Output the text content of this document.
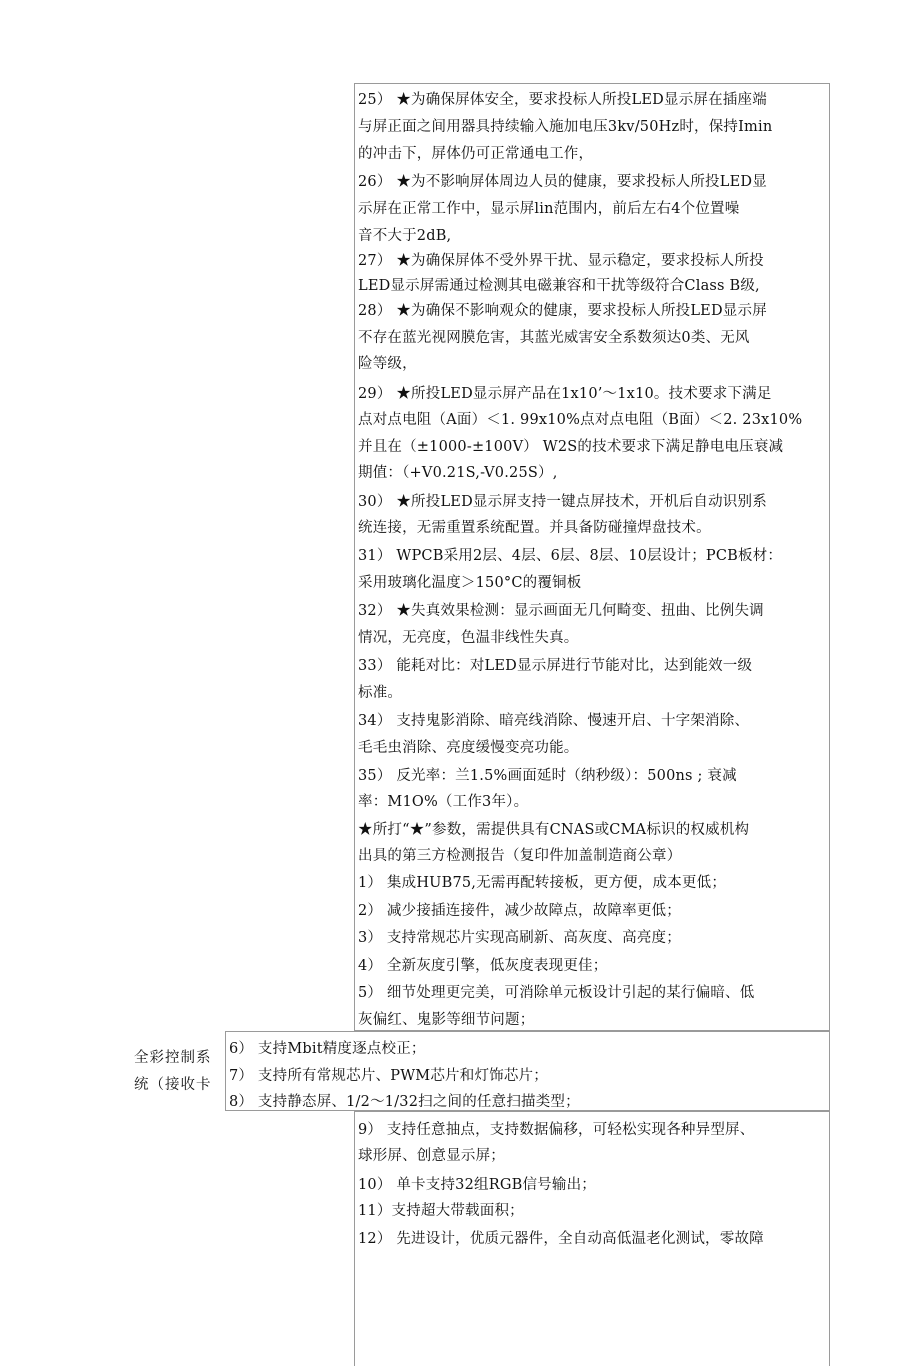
全彩控制系
统（接收卡
25） ★为确保屏体安全，要求投标人所投LED显示屏在插座端
与屏正面之间用器具持续输入施加电压3kv/50Hz时，保持Imin
的冲击下，屏体仍可正常通电工作，
26） ★为不影响屏体周边人员的健康，要求投标人所投LED显
示屏在正常工作中，显示屏lin范围内，前后左右4个位置噪
音不大于2dB,
27） ★为确保屏体不受外界干扰、显示稳定，要求投标人所投
LED显示屏需通过检测其电磁兼容和干扰等级符合Class B级,
28） ★为确保不影响观众的健康，要求投标人所投LED显示屏
不存在蓝光视网膜危害，其蓝光威害安全系数须达0类、无风
险等级，
29） ★所投LED显示屏产品在1x10’～1x10。技术要求下满足
点对点电阻（A面）＜1. 99x10%点对点电阻（B面）＜2. 23x10%
并且在（±1000-±100V） W2S的技术要求下满足静电电压衰减
期值：（+V0.21S,-V0.25S）,
30） ★所投LED显示屏支持一键点屏技术，开机后自动识别系
统连接，无需重置系统配置。并具备防碰撞焊盘技术。
31） WPCB采用2层、4层、6层、8层、10层设计；PCB板材：
采用玻璃化温度＞150°C的覆铜板
32） ★失真效果检测：显示画面无几何畸变、扭曲、比例失调
情况，无亮度，色温非线性失真。
33） 能耗对比：对LED显示屏进行节能对比，达到能效一级
标准。
34） 支持鬼影消除、暗亮线消除、慢速开启、十字架消除、
毛毛虫消除、亮度缓慢变亮功能。
35） 反光率：兰1.5%画面延时（纳秒级）：500ns ; 衰减
率：M1O%（工作3年）。
★所打“★”参数，需提供具有CNAS或CMA标识的权威机构
出具的第三方检测报告（复印件加盖制造商公章）
1） 集成HUB75,无需再配转接板，更方便，成本更低；
2） 减少接插连接件，减少故障点，故障率更低；
3） 支持常规芯片实现高刷新、高灰度、高亮度；
4） 全新灰度引擎，低灰度表现更佳；
5） 细节处理更完美，可消除单元板设计引起的某行偏暗、低
灰偏红、鬼影等细节问题；
6） 支持Mbit精度逐点校正；
7） 支持所有常规芯片、PWM芯片和灯饰芯片；
8） 支持静态屏、1/2～1/32扫之间的任意扫描类型；
9） 支持任意抽点，支持数据偏移，可轻松实现各种异型屏、
球形屏、创意显示屏；
10） 单卡支持32组RGB信号输出；
11）支持超大带载面积；
12） 先进设计，优质元器件，全自动高低温老化测试，零故障
